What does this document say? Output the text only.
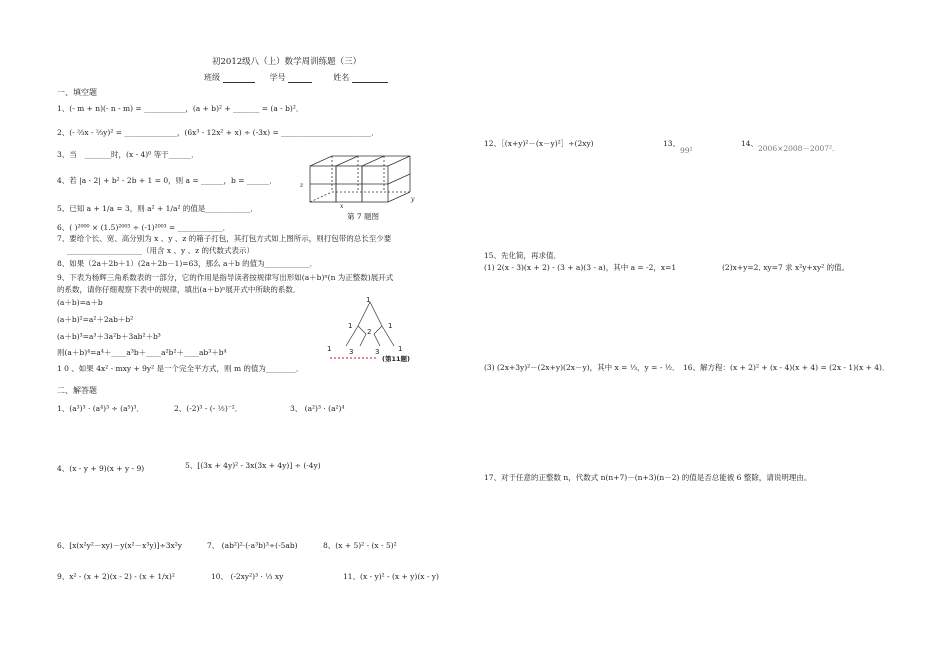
初2012级八（上）数学周训练题（三）
班级	学号	姓名
一、填空题
1、(- m + n)(- n - m) = ___________，(a + b)² + _______ = (a - b)²．
2、(- ⅔x - ⅔y)² = ______________，(6x³ - 12x² + x) ÷ (-3x) = ________________________．
3、当 _______时，(x - 4)⁰ 等于______．
4、若 |a - 2| + b² - 2b + 1 = 0，则 a = ______，b = ______．
5、已知 a + 1/a = 3，则 a² + 1/a² 的值是____________．
6、( )²⁰⁰⁰ × (1.5)²⁰⁰³ ÷ (-1)²⁰⁰³ = ____________．
7、要给个长、宽、高分别为 x 、y 、z 的箱子打包，其打包方式如上图所示，则打包带的总长至少要
____________________（用含 x 、y 、z 的代数式表示）
8、如果（2a＋2b＋1）(2a＋2b－1)=63，那么 a＋b 的值为____________．
9、下表为杨辉三角系数表的一部分，它的作用是指导读者按规律写出形如(a＋b)ⁿ(n 为正整数)展开式
的系数，请你仔细观察下表中的规律，填出(a＋b)ⁿ展开式中所缺的系数．
(a＋b)=a＋b
(a＋b)²=a²＋2ab＋b²
(a＋b)³=a³＋3a²b＋3ab²＋b³
则(a＋b)⁴=a⁴＋____a³b＋____a²b²＋____ab³＋b⁴
1 0 、如果 4x² - mxy + 9y² 是一个完全平方式，则 m 的值为________．
z
x
y
第 7 题图
1
1	1
2
1	1
3	3
(第11题)
二、解答题
1、(a³)³ · (a⁴)³ ÷ (a⁵)³．	2、(-2)³ - (- ½)⁻²．	3、 (a²)³ · (a²)⁴
4、(x - y + 9)(x + y - 9)	5、[(3x + 4y)² - 3x(3x + 4y)] ÷ (-4y)
6、[x(x²y²－xy)－y(x²－x³y)]÷3x²y	7、 (ab²)²·(-a³b)³÷(-5ab)	8、(x + 5)² - (x - 5)²
9、x² - (x + 2)(x - 2) - (x + 1/x)²	10、 (-2xy²)³ · ⅓ xy	11、(x - y)² - (x + y)(x - y)
12、［(x+y)²－(x－y)²］÷(2xy)	13、
99²
14、
2006×2008－2007².
15、先化简，再求值．
(1) 2(x - 3)(x + 2) - (3 + a)(3 - a)，其中 a = -2，x=1	(2)x+y=2, xy=7 求 x²y+xy² 的值。
(3) (2x+3y)²－(2x+y)(2x－y)，其中 x = ⅓，y = - ½． 16、解方程：(x + 2)² + (x - 4)(x + 4) = (2x - 1)(x + 4)．
17、对于任意的正整数 n，代数式 n(n+7)－(n+3)(n－2) 的值是否总能被 6 整除，请说明理由。
